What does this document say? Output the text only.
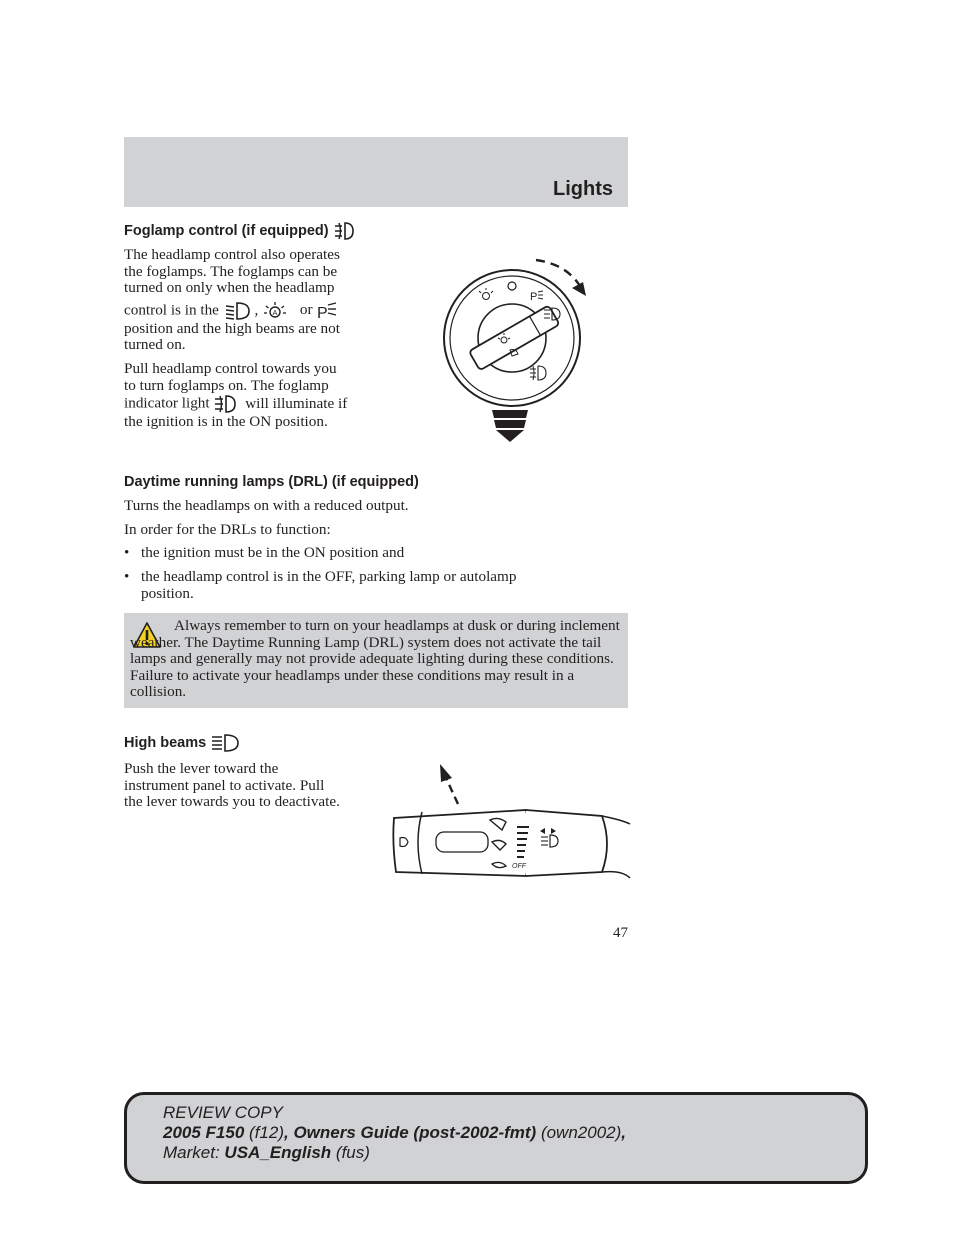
Lights
Foglamp control (if equipped)
The headlamp control also operates
the foglamps. The foglamps can be
turned on only when the headlamp
control is in the , A or P
position and the high beams are not
turned on.
Pull headlamp control towards you
to turn foglamps on. The foglamp
indicator light will illuminate if
the ignition is in the ON position.
P
Daytime running lamps (DRL) (if equipped)
Turns the headlamps on with a reduced output.
In order for the DRLs to function:
• the ignition must be in the ON position and
• the headlamp control is in the OFF, parking lamp or autolamp
position.
Always remember to turn on your headlamps at dusk or during inclement weather. The Daytime Running Lamp (DRL) system does not activate the tail lamps and generally may not provide adequate lighting during these conditions. Failure to activate your headlamps under these conditions may result in a collision.
High beams
Push the lever toward the
instrument panel to activate. Pull
the lever towards you to deactivate.
OFF
47
REVIEW COPY
2005 F150 (f12), Owners Guide (post-2002-fmt) (own2002),
Market: USA_English (fus)
